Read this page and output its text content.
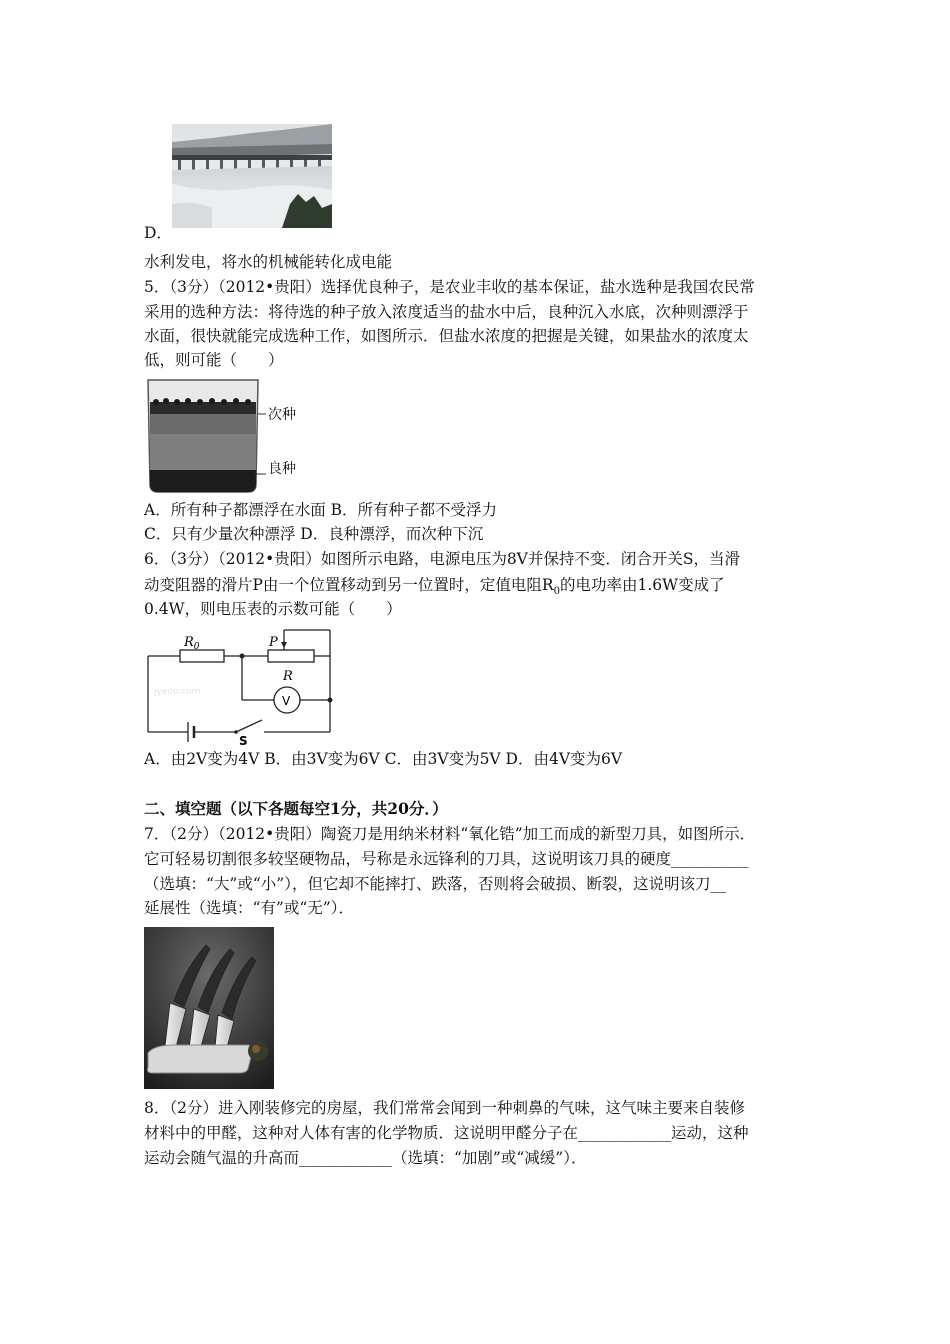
D．
水利发电，将水的机械能转化成电能
5．（3分）（2012•贵阳）选择优良种子，是农业丰收的基本保证，盐水选种是我国农民常
采用的选种方法：将待选的种子放入浓度适当的盐水中后，良种沉入水底，次种则漂浮于
水面，很快就能完成选种工作，如图所示．但盐水浓度的把握是关键，如果盐水的浓度太
低，则可能（　　）
次种
良种
A．所有种子都漂浮在水面 B．所有种子都不受浮力
C．只有少量次种漂浮 D．良种漂浮，而次种下沉
6．（3分）（2012•贵阳）如图所示电路，电源电压为8V并保持不变．闭合开关S，当滑
动变阻器的滑片P由一个位置移动到另一位置时，定值电阻$R_0$的电功率由1.6W变成了
0.4W，则电压表的示数可能（　　）
$R_0$	P
R
V
S
jyeoo.com
A．由2V变为4V B．由3V变为6V C．由3V变为5V D．由4V变为6V
二、填空题（以下各题每空1分，共20分．）
7．（2分）（2012•贵阳）陶瓷刀是用纳米材料“氧化锆”加工而成的新型刀具，如图所示．
它可轻易切割很多较坚硬物品，号称是永远锋利的刀具，这说明该刀具的硬度__________
（选填：“大”或“小”），但它却不能摔打、跌落，否则将会破损、断裂，这说明该刀__
延展性（选填：“有”或“无”）．
8．（2分）进入刚装修完的房屋，我们常常会闻到一种刺鼻的气味，这气味主要来自装修
材料中的甲醛，这种对人体有害的化学物质．这说明甲醛分子在____________运动，这种
运动会随气温的升高而____________（选填：“加剧”或“减缓”）．
